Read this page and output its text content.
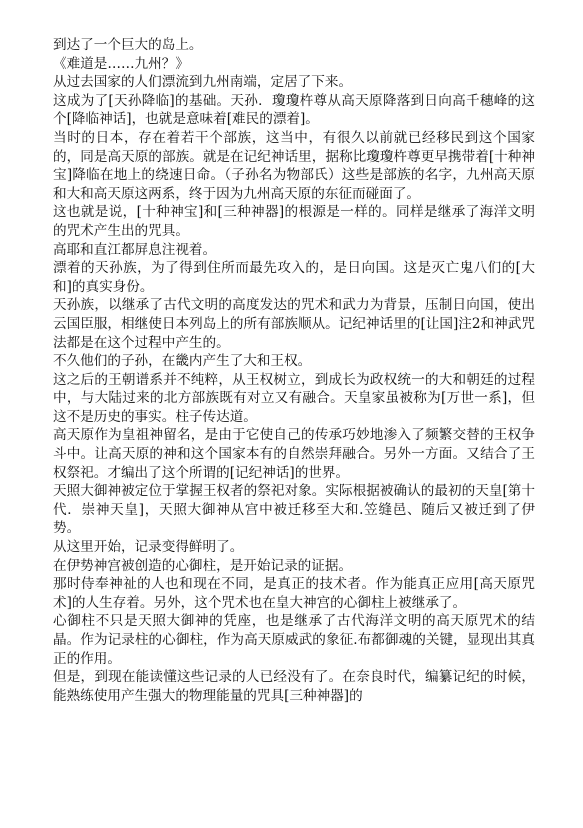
到达了一个巨大的岛上。

《难道是……九州？》

从过去国家的人们漂流到九州南端，定居了下来。

这成为了[天孙降临]的基础。天孙．瓊瓊杵尊从高天原降落到日向高千穗峰的这个[降临神话]，也就是意味着[难民的漂着]。

当时的日本，存在着若干个部族，这当中，有很久以前就已经移民到这个国家的，同是高天原的部族。就是在记纪神话里，据称比瓊瓊杵尊更早携带着[十种神宝]降临在地上的绕速日命。（子孙名为物部氏）这些是部族的名字，九州高天原和大和高天原这两系，终于因为九州高天原的东征而碰面了。

这也就是说，[十种神宝]和[三种神器]的根源是一样的。同样是继承了海洋文明的咒术产生出的咒具。

高耶和直江都屏息注视着。

漂着的天孙族，为了得到住所而最先攻入的，是日向国。这是灭亡鬼八们的[大和]的真实身份。

天孙族，以继承了古代文明的高度发达的咒术和武力为背景，压制日向国，使出云国臣服，相继使日本列岛上的所有部族顺从。记纪神话里的[让国]注2和神武咒法都是在这个过程中产生的。

不久他们的子孙，在畿内产生了大和王权。

这之后的王朝谱系并不纯粹，从王权树立，到成长为政权统一的大和朝廷的过程中，与大陆过来的北方部族既有对立又有融合。天皇家虽被称为[万世一系]，但这不是历史的事实。柱子传达道。

高天原作为皇祖神留名，是由于它使自己的传承巧妙地渗入了频繁交替的王权争斗中。让高天原的神和这个国家本有的自然崇拜融合。另外一方面。又结合了王权祭祀。才编出了这个所谓的[记纪神话]的世界。

天照大御神被定位于掌握王权者的祭祀对象。实际根据被确认的最初的天皇[第十代．崇神天皇]，天照大御神从宫中被迁移至大和.笠缝邑、随后又被迁到了伊势。

从这里开始，记录变得鲜明了。

在伊势神宫被创造的心御柱，是开始记录的证据。

那时侍奉神祉的人也和现在不同，是真正的技术者。作为能真正应用[高天原咒术]的人生存着。另外，这个咒术也在皇大神宫的心御柱上被继承了。

心御柱不只是天照大御神的凭座，也是继承了古代海洋文明的高天原咒术的结晶。作为记录柱的心御柱，作为高天原威武的象征.布都御魂的关键，显现出其真正的作用。

但是，到现在能读懂这些记录的人已经没有了。在奈良时代，编纂记纪的时候，能熟练使用产生强大的物理能量的咒具[三种神器]的
